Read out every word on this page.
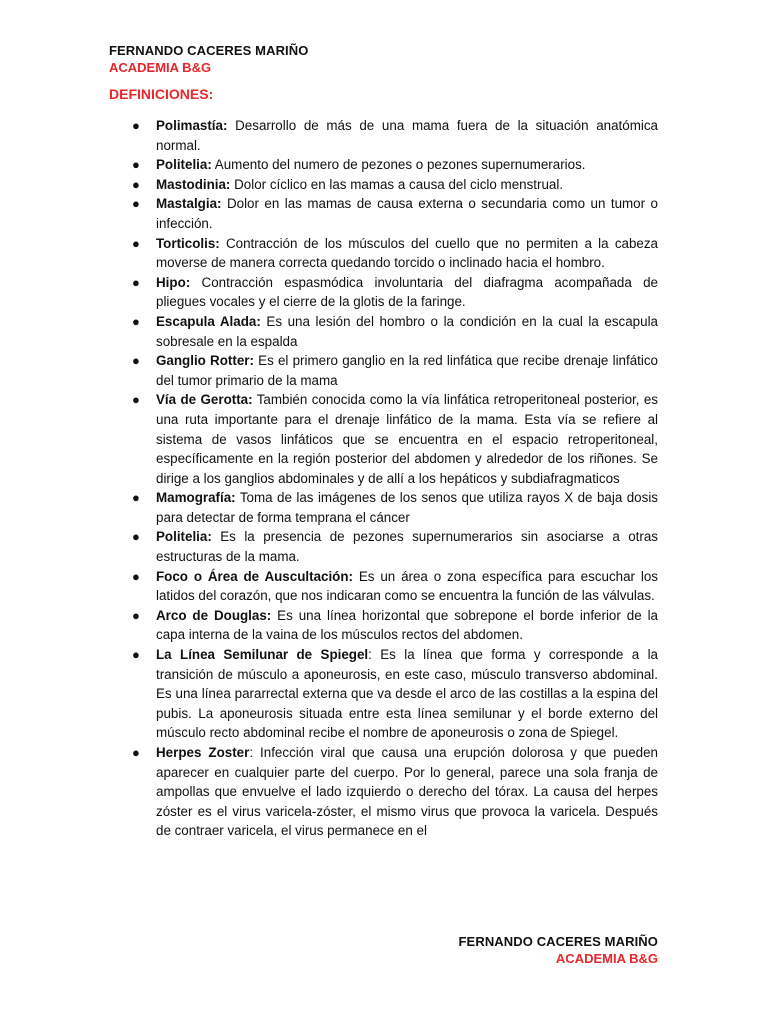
FERNANDO CACERES MARIÑO
ACADEMIA B&G
DEFINICIONES:
● Polimastía: Desarrollo de más de una mama fuera de la situación anatómica normal.
● Politelia: Aumento del numero de pezones o pezones supernumerarios.
● Mastodinia: Dolor cíclico en las mamas a causa del ciclo menstrual.
● Mastalgia: Dolor en las mamas de causa externa o secundaria como un tumor o infección.
● Torticolis: Contracción de los músculos del cuello que no permiten a la cabeza moverse de manera correcta quedando torcido o inclinado hacia el hombro.
● Hipo: Contracción espasmódica involuntaria del diafragma acompañada de pliegues vocales y el cierre de la glotis de la faringe.
● Escapula Alada: Es una lesión del hombro o la condición en la cual la escapula sobresale en la espalda
● Ganglio Rotter: Es el primero ganglio en la red linfática que recibe drenaje linfático del tumor primario de la mama
● Vía de Gerotta: También conocida como la vía linfática retroperitoneal posterior, es una ruta importante para el drenaje linfático de la mama. Esta vía se refiere al sistema de vasos linfáticos que se encuentra en el espacio retroperitoneal, específicamente en la región posterior del abdomen y alrededor de los riñones. Se dirige a los ganglios abdominales y de allí a los hepáticos y subdiafragmaticos
● Mamografía: Toma de las imágenes de los senos que utiliza rayos X de baja dosis para detectar de forma temprana el cáncer
● Politelia: Es la presencia de pezones supernumerarios sin asociarse a otras estructuras de la mama.
● Foco o Área de Auscultación: Es un área o zona específica para escuchar los latidos del corazón, que nos indicaran como se encuentra la función de las válvulas.
● Arco de Douglas: Es una línea horizontal que sobrepone el borde inferior de la capa interna de la vaina de los músculos rectos del abdomen.
● La Línea Semilunar de Spiegel: Es la línea que forma y corresponde a la transición de músculo a aponeurosis, en este caso, músculo transverso abdominal. Es una línea pararrectal externa que va desde el arco de las costillas a la espina del pubis. La aponeurosis situada entre esta línea semilunar y el borde externo del músculo recto abdominal recibe el nombre de aponeurosis o zona de Spiegel.
● Herpes Zoster: Infección viral que causa una erupción dolorosa y que pueden aparecer en cualquier parte del cuerpo. Por lo general, parece una sola franja de ampollas que envuelve el lado izquierdo o derecho del tórax. La causa del herpes zóster es el virus varicela-zóster, el mismo virus que provoca la varicela. Después de contraer varicela, el virus permanece en el
FERNANDO CACERES MARIÑO
ACADEMIA B&G
